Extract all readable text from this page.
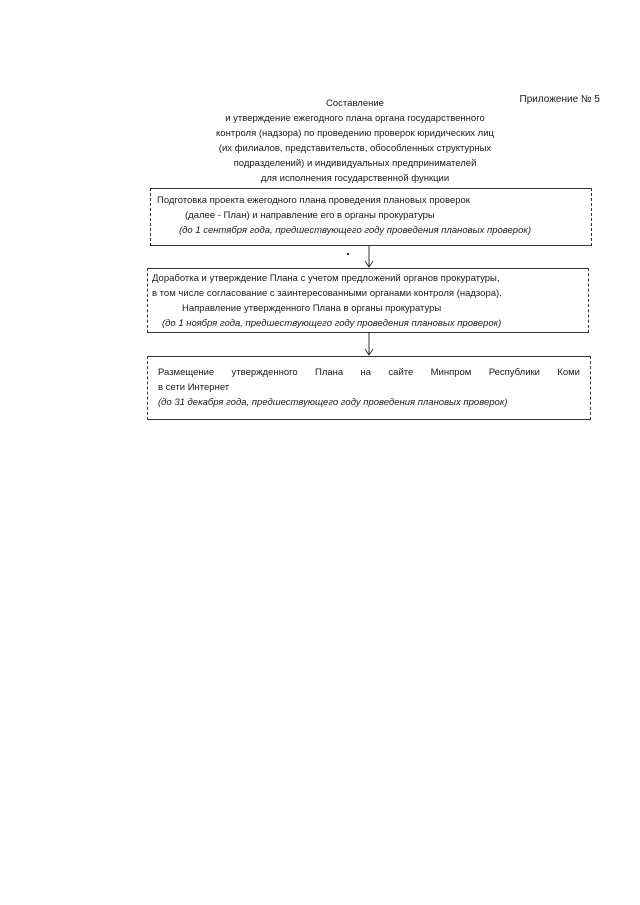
Приложение № 5
Составление
и утверждение ежегодного плана органа государственного
контроля (надзора) по проведению проверок юридических лиц
(их филиалов, представительств, обособленных структурных
подразделений) и индивидуальных предпринимателей
для исполнения государственной функции
Подготовка проекта ежегодного плана проведения плановых проверок
(далее - План) и направление его в органы прокуратуры
(до 1 сентября года, предшествующего году проведения плановых проверок)
Доработка и утверждение Плана с учетом предложений органов прокуратуры,
в том числе согласование с заинтересованными органами контроля (надзора).
Направление утвержденного Плана в органы прокуратуры
(до 1 ноября года, предшествующего году проведения плановых проверок)
Размещение утвержденного Плана на сайте Минпром Республики Коми
в сети Интернет
(до 31 декабря года, предшествующего году проведения плановых проверок)
